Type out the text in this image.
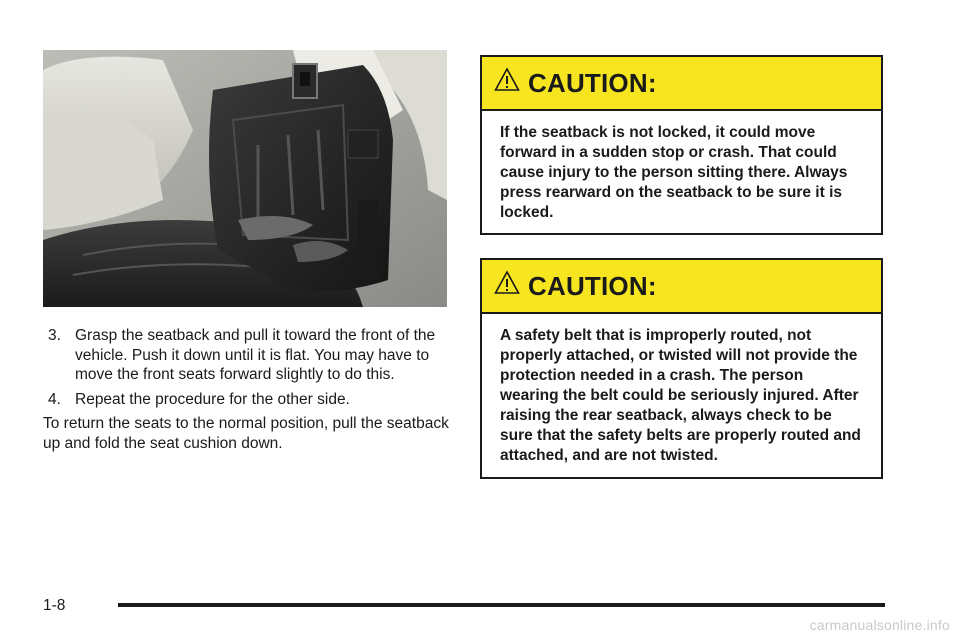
3. Grasp the seatback and pull it toward the front of the vehicle. Push it down until it is flat. You may have to move the front seats forward slightly to do this.
4. Repeat the procedure for the other side.

To return the seats to the normal position, pull the seatback up and fold the seat cushion down.

CAUTION:
If the seatback is not locked, it could move forward in a sudden stop or crash. That could cause injury to the person sitting there. Always press rearward on the seatback to be sure it is locked.
CAUTION:
A safety belt that is improperly routed, not properly attached, or twisted will not provide the protection needed in a crash. The person wearing the belt could be seriously injured. After raising the rear seatback, always check to be sure that the safety belts are properly routed and attached, and are not twisted.
1-8
carmanualsonline.info
